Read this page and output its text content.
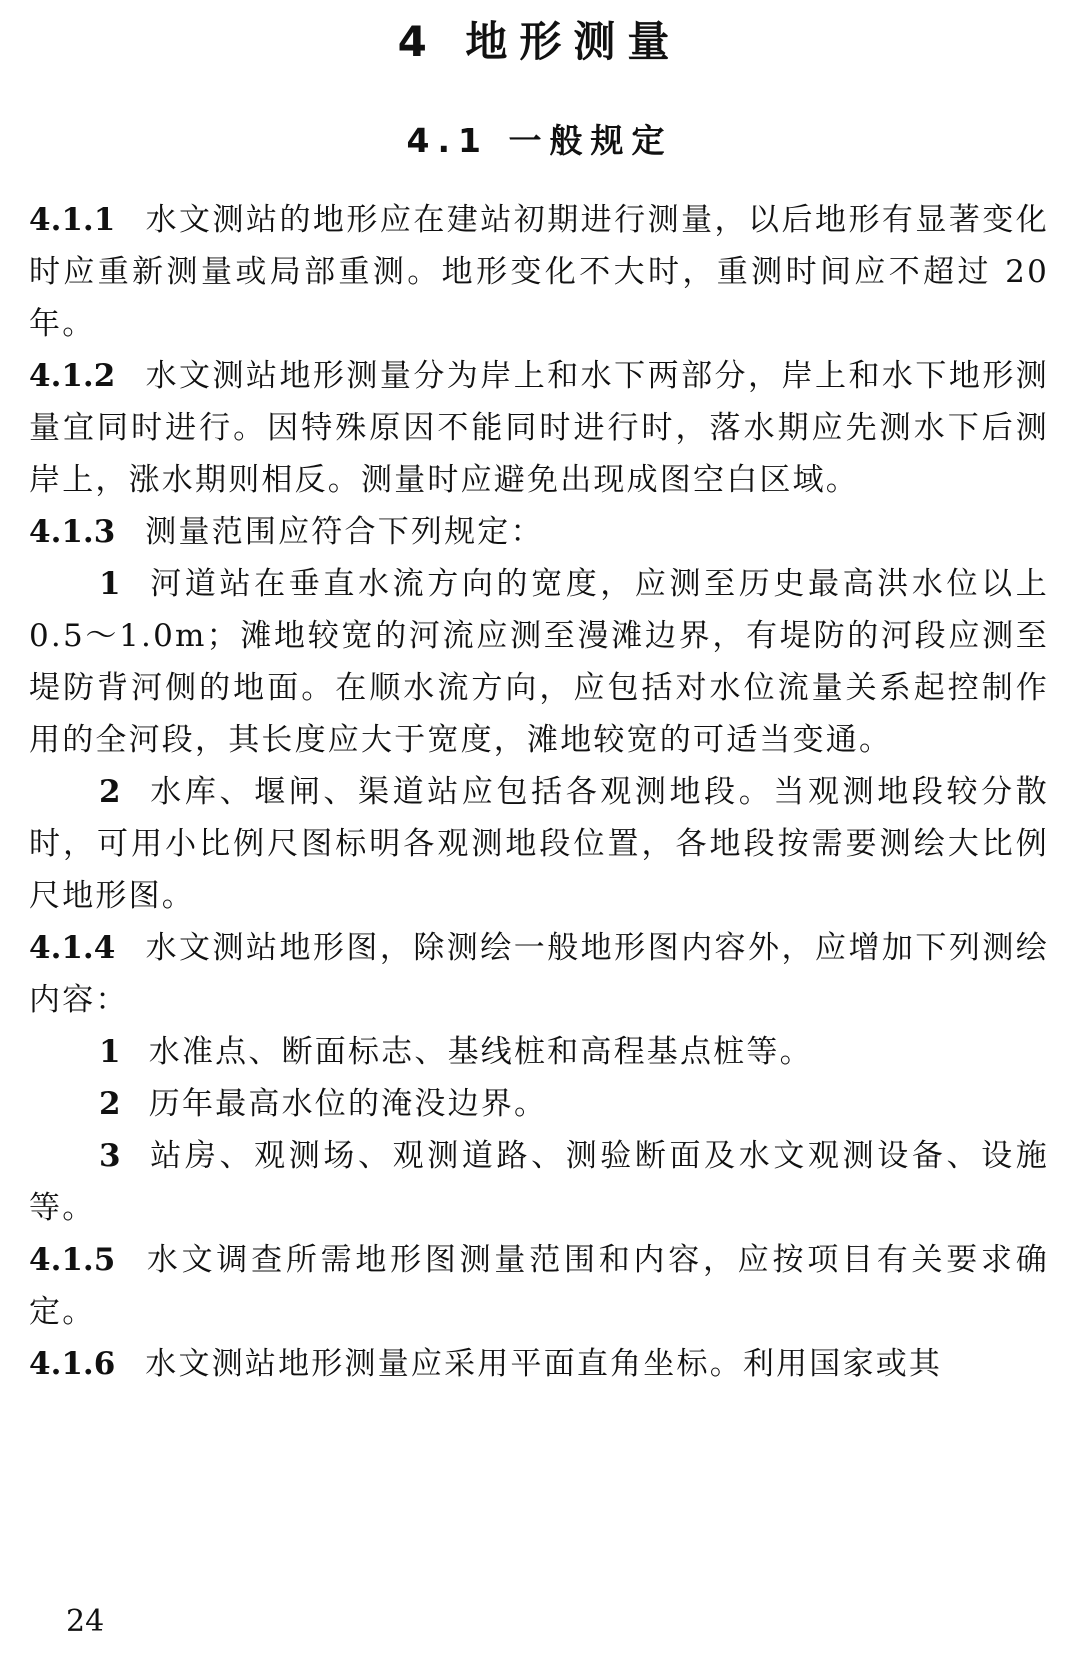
4 地形测量
4.1 一般规定

4.1.1 水文测站的地形应在建站初期进行测量，以后地形有显著变化时应重新测量或局部重测。地形变化不大时，重测时间应不超过 20 年。

4.1.2 水文测站地形测量分为岸上和水下两部分，岸上和水下地形测量宜同时进行。因特殊原因不能同时进行时，落水期应先测水下后测岸上，涨水期则相反。测量时应避免出现成图空白区域。

4.1.3 测量范围应符合下列规定：

1 河道站在垂直水流方向的宽度，应测至历史最高洪水位以上 0.5～1.0m；滩地较宽的河流应测至漫滩边界，有堤防的河段应测至堤防背河侧的地面。在顺水流方向，应包括对水位流量关系起控制作用的全河段，其长度应大于宽度，滩地较宽的可适当变通。

2 水库、堰闸、渠道站应包括各观测地段。当观测地段较分散时，可用小比例尺图标明各观测地段位置，各地段按需要测绘大比例尺地形图。

4.1.4 水文测站地形图，除测绘一般地形图内容外，应增加下列测绘内容：

1 水准点、断面标志、基线桩和高程基点桩等。

2 历年最高水位的淹没边界。

3 站房、观测场、观测道路、测验断面及水文观测设备、设施等。

4.1.5 水文调查所需地形图测量范围和内容，应按项目有关要求确定。

4.1.6 水文测站地形测量应采用平面直角坐标。利用国家或其

24
